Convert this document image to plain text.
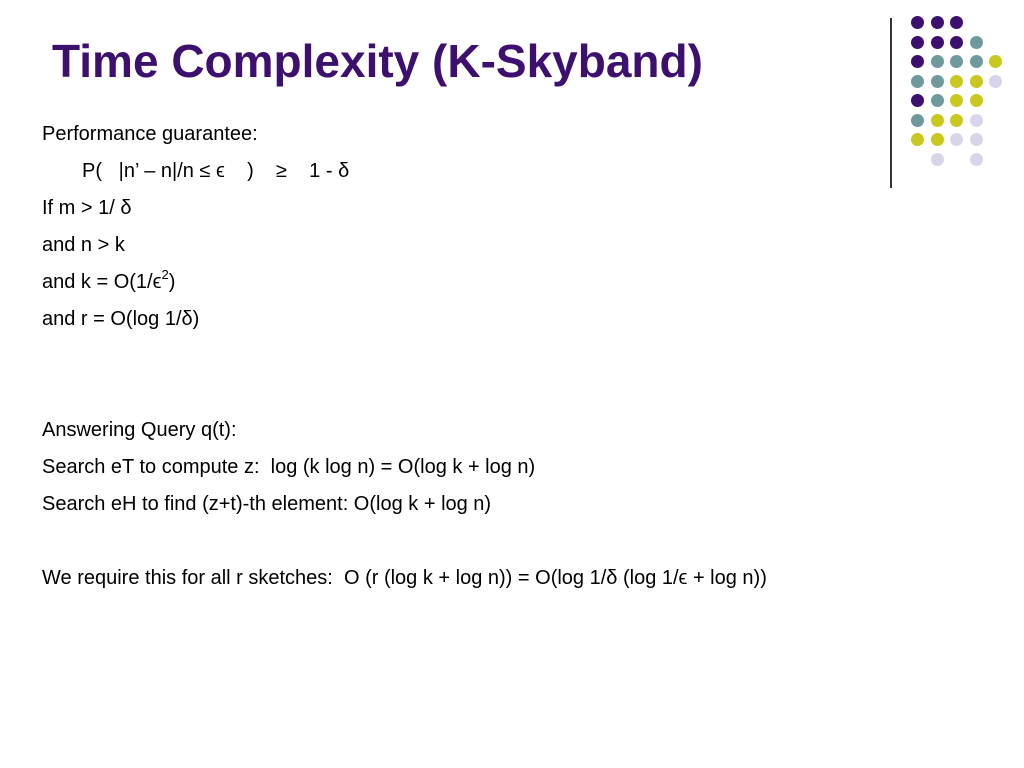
Time Complexity (K-Skyband)
Performance guarantee:
P(   |n’ – n|/n ≤ ϵ    )    ≥    1 - δ
If m > 1/ δ
and n > k
and $k = O(1/\epsilon^2)$
and r = O(log 1/δ)
Answering Query q(t):
Search eT to compute z:  log (k log n) = O(log k + log n)
Search eH to find (z+t)-th element: O(log k + log n)
We require this for all r sketches:  O (r (log k + log n)) = O(log 1/δ (log 1/ϵ + log n))
